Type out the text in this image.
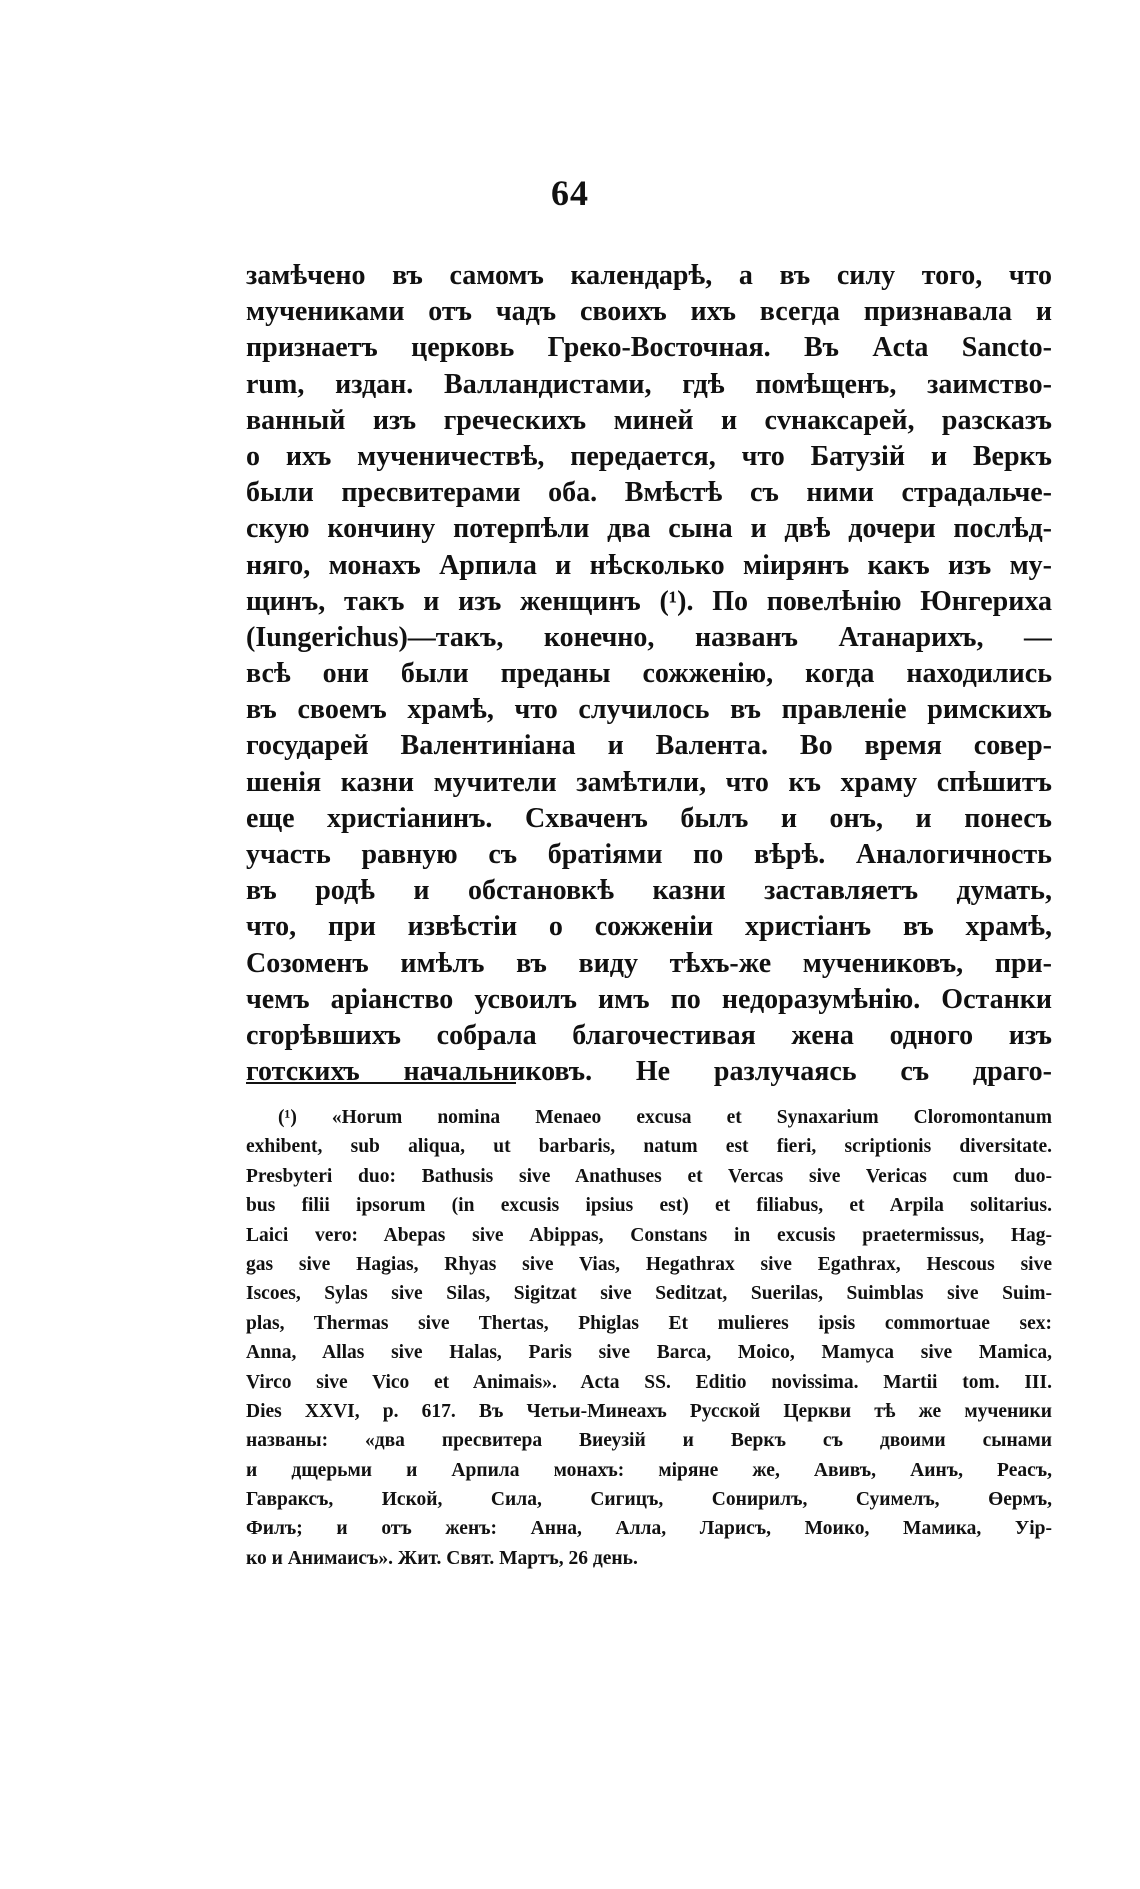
64
замѣчено въ самомъ календарѣ, а въ силу того, что
мучениками отъ чадъ своихъ ихъ всегда признавала и
признаетъ церковь Греко-Восточная. Въ Acta Sancto-
rum, издан. Валландистами, гдѣ помѣщенъ, заимство-
ванный изъ греческихъ миней и сvнаксарей, разсказъ
о ихъ мученичествѣ, передается, что Батузій и Веркъ
были пресвитерами оба. Вмѣстѣ съ ними страдальче-
скую кончину потерпѣли два сына и двѣ дочери послѣд-
няго, монахъ Арпила и нѣсколько міирянъ какъ изъ му-
щинъ, такъ и изъ женщинъ (¹). По повелѣнію Юнгериха
(Iungerichus)—такъ, конечно, названъ Атанарихъ, —
всѣ они были преданы сожженію, когда находились
въ своемъ храмѣ, что случилось въ правленіе римскихъ
государей Валентиніана и Валента. Во время совер-
шенія казни мучители замѣтили, что къ храму спѣшитъ
еще христіанинъ. Схваченъ былъ и онъ, и понесъ
участь равную съ братіями по вѣрѣ. Аналогичность
въ родѣ и обстановкѣ казни заставляетъ думать,
что, при извѣстіи о сожженіи христіанъ въ храмѣ,
Созоменъ имѣлъ въ виду тѣхъ-же мучениковъ, при-
чемъ аріанство усвоилъ имъ по недоразумѣнію. Останки
сгорѣвшихъ собрала благочестивая жена одного изъ
готскихъ начальниковъ. Не разлучаясь съ драго-
(¹) «Horum nomina Menaeo excusa et Synaxarium Cloromontanum
exhibent, sub aliqua, ut barbaris, natum est fieri, scriptionis diversitate.
Presbyteri duo: Bathusis sive Anathuses et Vercas sive Vericas cum duo-
bus filii ipsorum (in excusis ipsius est) et filiabus, et Arpila solitarius.
Laici vero: Abepas sive Abippas, Constans in excusis praetermissus, Hag-
gas sive Hagias, Rhyas sive Vias, Hegathrax sive Egathrax, Hescous sive
Iscoes, Sylas sive Silas, Sigitzat sive Seditzat, Suerilas, Suimblas sive Suim-
plas, Thermas sive Thertas, Phiglas Et mulieres ipsis commortuae sex:
Anna, Allas sive Halas, Paris sive Barca, Moico, Mamyca sive Mamica,
Virco sive Vico et Animais». Acta SS. Editio novissima. Martii tom. III.
Dies XXVI, p. 617. Въ Четьи-Минеахъ Русской Церкви тѣ же мученики
названы: «два пресвитера Виеузій и Веркъ съ двоими сынами
и дщерьми и Арпила монахъ: міряне же, Авивъ, Аинъ, Реасъ,
Гавраксъ, Иской, Сила, Сигицъ, Сонирилъ, Суимелъ, Өермъ,
Филъ; и отъ женъ: Анна, Алла, Ларисъ, Моико, Мамика, Уір-
ко и Анимаисъ». Жит. Свят. Мартъ, 26 день.
